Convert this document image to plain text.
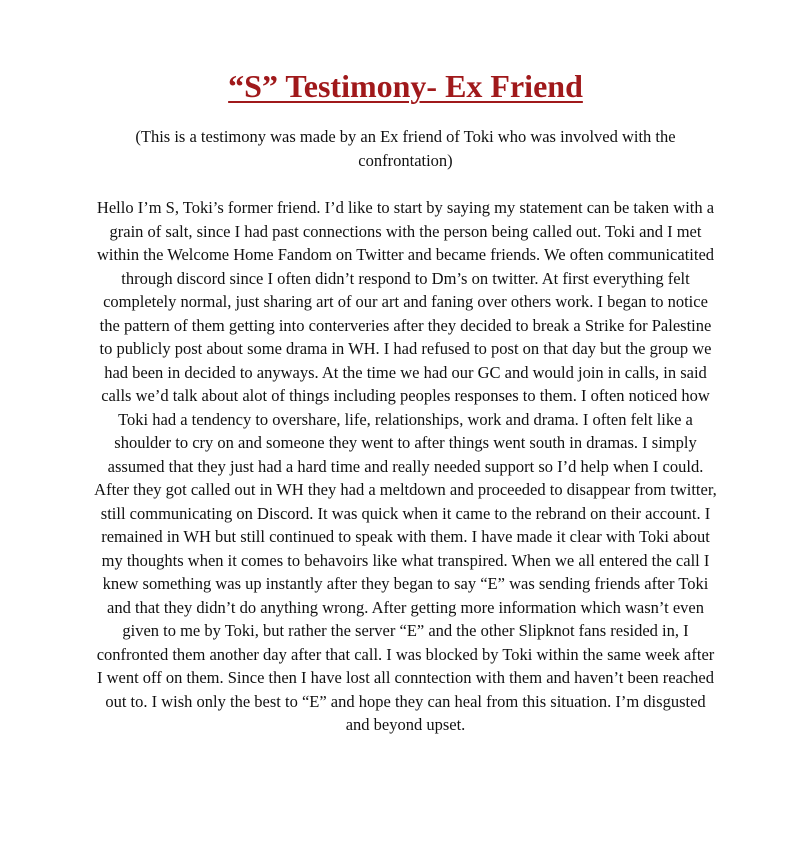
“S” Testimony- Ex Friend

(This is a testimony was made by an Ex friend of Toki who was involved with the confrontation)

Hello I’m S, Toki’s former friend. I’d like to start by saying my statement can be taken with a grain of salt, since I had past connections with the person being called out. Toki and I met within the Welcome Home Fandom on Twitter and became friends. We often communicatited through discord since I often didn’t respond to Dm’s on twitter. At first everything felt completely normal, just sharing art of our art and faning over others work. I began to notice the pattern of them getting into conterveries after they decided to break a Strike for Palestine to publicly post about some drama in WH. I had refused to post on that day but the group we had been in decided to anyways. At the time we had our GC and would join in calls, in said calls we’d talk about alot of things including peoples responses to them. I often noticed how Toki had a tendency to overshare, life, relationships, work and drama. I often felt like a shoulder to cry on and someone they went to after things went south in dramas. I simply assumed that they just had a hard time and really needed support so I’d help when I could. After they got called out in WH they had a meltdown and proceeded to disappear from twitter, still communicating on Discord. It was quick when it came to the rebrand on their account. I remained in WH but still continued to speak with them. I have made it clear with Toki about my thoughts when it comes to behavoirs like what transpired. When we all entered the call I knew something was up instantly after they began to say “E” was sending friends after Toki and that they didn’t do anything wrong. After getting more information which wasn’t even given to me by Toki, but rather the server “E” and the other Slipknot fans resided in, I confronted them another day after that call. I was blocked by Toki within the same week after I went off on them. Since then I have lost all conntection with them and haven’t been reached out to. I wish only the best to “E” and hope they can heal from this situation. I’m disgusted and beyond upset.
